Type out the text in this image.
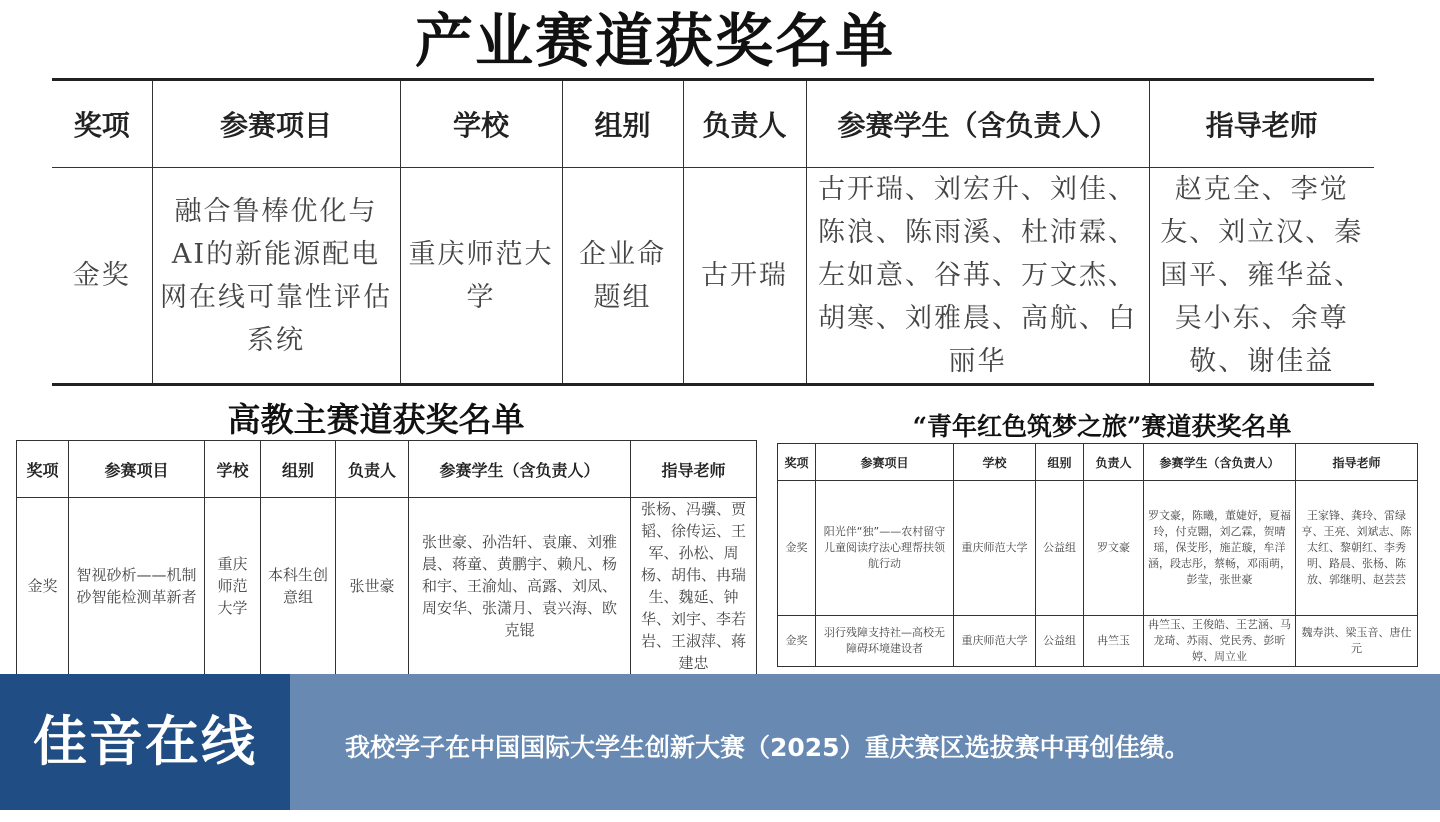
产业赛道获奖名单
奖项	参赛项目	学校	组别	负责人	参赛学生（含负责人）	指导老师
金奖	融合鲁棒优化与AI的新能源配电网在线可靠性评估系统	重庆师范大学	企业命题组	古开瑞	古开瑞、刘宏升、刘佳、陈浪、陈雨溪、杜沛霖、左如意、谷苒、万文杰、胡寒、刘雅晨、高航、白丽华	赵克全、李觉友、刘立汉、秦国平、雍华益、吴小东、余尊敬、谢佳益
高教主赛道获奖名单
奖项	参赛项目	学校	组别	负责人	参赛学生（含负责人）	指导老师
金奖	智视砂析——机制砂智能检测革新者	重庆师范大学	本科生创意组	张世豪	张世豪、孙浩轩、袁廉、刘雅晨、蒋童、黄鹏宇、赖凡、杨和宇、王渝灿、高露、刘凤、周安华、张潇月、袁兴海、欧克锟	张杨、冯骥、贾韬、徐传运、王军、孙松、周杨、胡伟、冉瑞生、魏延、钟华、刘宇、李若岩、王淑萍、蒋建忠
“青年红色筑梦之旅”赛道获奖名单
奖项	参赛项目	学校	组别	负责人	参赛学生（含负责人）	指导老师
金奖	阳光伴“独”——农村留守儿童阅读疗法心理帮扶领航行动	重庆师范大学	公益组	罗文豪	罗文豪，陈曦，董婕妤，夏福玲，付克翾，刘乙霖，贺晴瑶，保芠彤，施芷璇，牟洋涵，段志彤，蔡畅，邓雨萌，彭莹，张世豪	王家锋、龚玲、雷绿亨、王亮、刘斌志、陈太红、黎朝红、李秀明、路晨、张杨、陈放、郭继明、赵芸芸
金奖	羽行残障支持社—高校无障碍环境建设者	重庆师范大学	公益组	冉竺玉	冉竺玉、王俊皓、王艺涵、马龙琦、苏雨、党民秀、彭昕婷、周立业	魏寿洪、梁玉音、唐仕元
佳音在线	我校学子在中国国际大学生创新大赛（2025）重庆赛区选拔赛中再创佳绩。
